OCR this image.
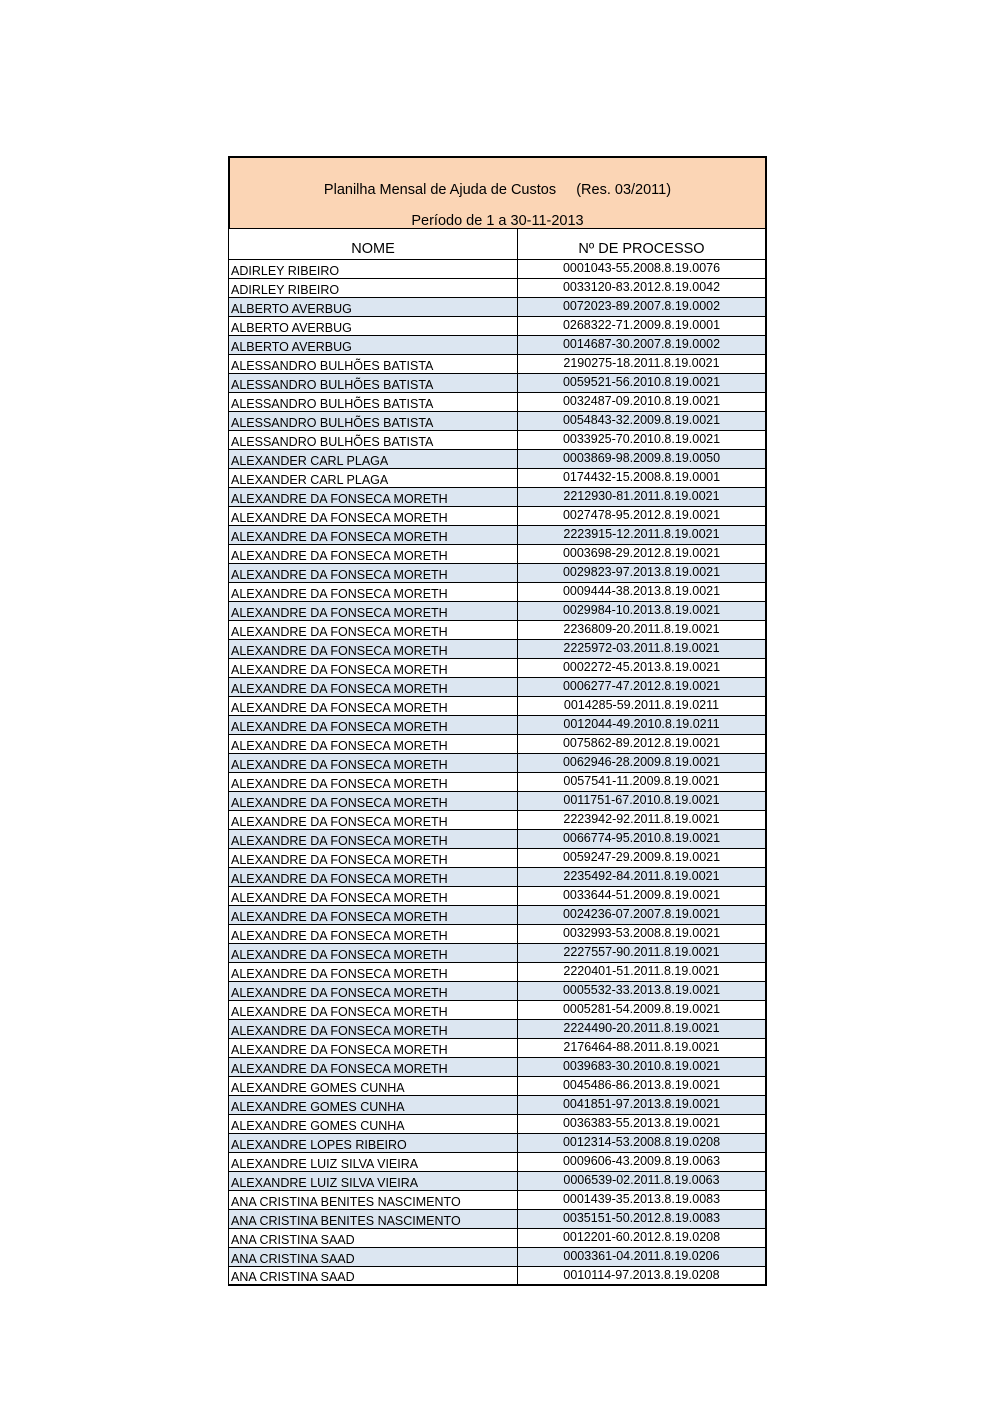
Planilha Mensal de Ajuda de Custos     (Res. 03/2011)
Período de 1 a 30-11-2013
NOME	Nº DE PROCESSO
ADIRLEY RIBEIRO	0001043-55.2008.8.19.0076
ADIRLEY RIBEIRO	0033120-83.2012.8.19.0042
ALBERTO AVERBUG	0072023-89.2007.8.19.0002
ALBERTO AVERBUG	0268322-71.2009.8.19.0001
ALBERTO AVERBUG	0014687-30.2007.8.19.0002
ALESSANDRO BULHÕES BATISTA	2190275-18.2011.8.19.0021
ALESSANDRO BULHÕES BATISTA	0059521-56.2010.8.19.0021
ALESSANDRO BULHÕES BATISTA	0032487-09.2010.8.19.0021
ALESSANDRO BULHÕES BATISTA	0054843-32.2009.8.19.0021
ALESSANDRO BULHÕES BATISTA	0033925-70.2010.8.19.0021
ALEXANDER CARL PLAGA	0003869-98.2009.8.19.0050
ALEXANDER CARL PLAGA	0174432-15.2008.8.19.0001
ALEXANDRE DA FONSECA MORETH	2212930-81.2011.8.19.0021
ALEXANDRE DA FONSECA MORETH	0027478-95.2012.8.19.0021
ALEXANDRE DA FONSECA MORETH	2223915-12.2011.8.19.0021
ALEXANDRE DA FONSECA MORETH	0003698-29.2012.8.19.0021
ALEXANDRE DA FONSECA MORETH	0029823-97.2013.8.19.0021
ALEXANDRE DA FONSECA MORETH	0009444-38.2013.8.19.0021
ALEXANDRE DA FONSECA MORETH	0029984-10.2013.8.19.0021
ALEXANDRE DA FONSECA MORETH	2236809-20.2011.8.19.0021
ALEXANDRE DA FONSECA MORETH	2225972-03.2011.8.19.0021
ALEXANDRE DA FONSECA MORETH	0002272-45.2013.8.19.0021
ALEXANDRE DA FONSECA MORETH	0006277-47.2012.8.19.0021
ALEXANDRE DA FONSECA MORETH	0014285-59.2011.8.19.0211
ALEXANDRE DA FONSECA MORETH	0012044-49.2010.8.19.0211
ALEXANDRE DA FONSECA MORETH	0075862-89.2012.8.19.0021
ALEXANDRE DA FONSECA MORETH	0062946-28.2009.8.19.0021
ALEXANDRE DA FONSECA MORETH	0057541-11.2009.8.19.0021
ALEXANDRE DA FONSECA MORETH	0011751-67.2010.8.19.0021
ALEXANDRE DA FONSECA MORETH	2223942-92.2011.8.19.0021
ALEXANDRE DA FONSECA MORETH	0066774-95.2010.8.19.0021
ALEXANDRE DA FONSECA MORETH	0059247-29.2009.8.19.0021
ALEXANDRE DA FONSECA MORETH	2235492-84.2011.8.19.0021
ALEXANDRE DA FONSECA MORETH	0033644-51.2009.8.19.0021
ALEXANDRE DA FONSECA MORETH	0024236-07.2007.8.19.0021
ALEXANDRE DA FONSECA MORETH	0032993-53.2008.8.19.0021
ALEXANDRE DA FONSECA MORETH	2227557-90.2011.8.19.0021
ALEXANDRE DA FONSECA MORETH	2220401-51.2011.8.19.0021
ALEXANDRE DA FONSECA MORETH	0005532-33.2013.8.19.0021
ALEXANDRE DA FONSECA MORETH	0005281-54.2009.8.19.0021
ALEXANDRE DA FONSECA MORETH	2224490-20.2011.8.19.0021
ALEXANDRE DA FONSECA MORETH	2176464-88.2011.8.19.0021
ALEXANDRE DA FONSECA MORETH	0039683-30.2010.8.19.0021
ALEXANDRE GOMES CUNHA	0045486-86.2013.8.19.0021
ALEXANDRE GOMES CUNHA	0041851-97.2013.8.19.0021
ALEXANDRE GOMES CUNHA	0036383-55.2013.8.19.0021
ALEXANDRE LOPES RIBEIRO	0012314-53.2008.8.19.0208
ALEXANDRE LUIZ SILVA VIEIRA	0009606-43.2009.8.19.0063
ALEXANDRE LUIZ SILVA VIEIRA	0006539-02.2011.8.19.0063
ANA CRISTINA BENITES NASCIMENTO	0001439-35.2013.8.19.0083
ANA CRISTINA BENITES NASCIMENTO	0035151-50.2012.8.19.0083
ANA CRISTINA SAAD	0012201-60.2012.8.19.0208
ANA CRISTINA SAAD	0003361-04.2011.8.19.0206
ANA CRISTINA SAAD	0010114-97.2013.8.19.0208
